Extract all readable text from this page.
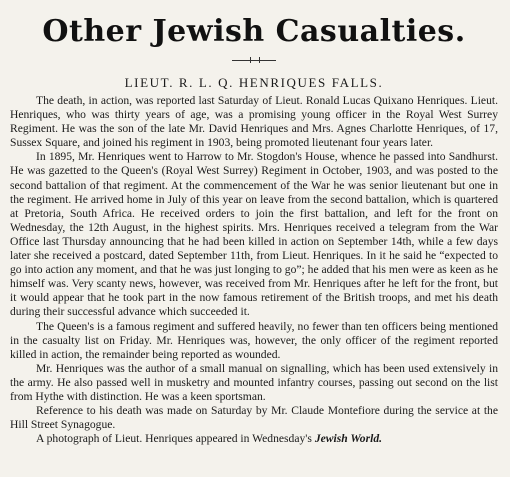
Other Jewish Casualties.
LIEUT. R. L. Q. HENRIQUES FALLS.

The death, in action, was reported last Saturday of Lieut. Ronald Lucas Quixano Henriques. Lieut. Henriques, who was thirty years of age, was a promising young officer in the Royal West Surrey Regiment. He was the son of the late Mr. David Henriques and Mrs. Agnes Charlotte Henriques, of 17, Sussex Square, and joined his regiment in 1903, being promoted lieutenant four years later.

In 1895, Mr. Henriques went to Harrow to Mr. Stogdon's House, whence he passed into Sandhurst. He was gazetted to the Queen's (Royal West Surrey) Regiment in October, 1903, and was posted to the second battalion of that regiment. At the commencement of the War he was senior lieutenant but one in the regiment. He arrived home in July of this year on leave from the second battalion, which is quartered at Pretoria, South Africa. He received orders to join the first battalion, and left for the front on Wednesday, the 12th August, in the highest spirits. Mrs. Henriques received a telegram from the War Office last Thursday announcing that he had been killed in action on September 14th, while a few days later she received a postcard, dated September 11th, from Lieut. Henriques. In it he said he “expected to go into action any moment, and that he was just longing to go”; he added that his men were as keen as he himself was. Very scanty news, however, was received from Mr. Henriques after he left for the front, but it would appear that he took part in the now famous retirement of the British troops, and met his death during their successful advance which succeeded it.

The Queen's is a famous regiment and suffered heavily, no fewer than ten officers being mentioned in the casualty list on Friday. Mr. Henriques was, however, the only officer of the regiment reported killed in action, the remainder being reported as wounded.

Mr. Henriques was the author of a small manual on signalling, which has been used extensively in the army. He also passed well in musketry and mounted infantry courses, passing out second on the list from Hythe with distinction. He was a keen sportsman.

Reference to his death was made on Saturday by Mr. Claude Montefiore during the service at the Hill Street Synagogue.

A photograph of Lieut. Henriques appeared in Wednesday's Jewish World.
